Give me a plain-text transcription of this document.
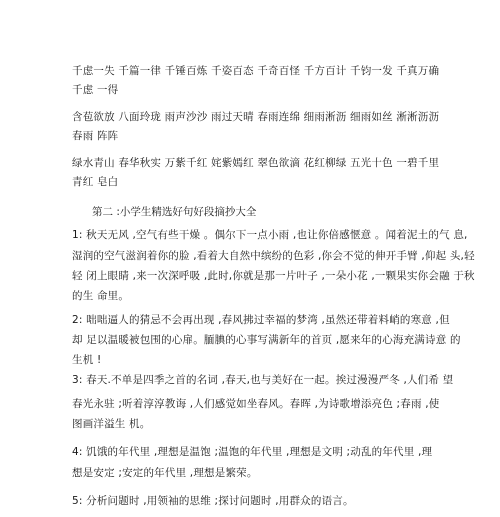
千虑一失 千篇一律 千锤百炼 千姿百态 千奇百怪 千方百计 千钧一发 千真万确
千虑 一得
含苞欲放 八面玲珑 雨声沙沙 雨过天晴 春雨连绵 细雨淅沥 细雨如丝 淅淅沥沥
春雨 阵阵
绿水青山 春华秋实 万紫千红 姹紫嫣红 翠色欲滴 花红柳绿 五光十色 一碧千里
青红 皂白
第二 :小学生精选好句好段摘抄大全
1: 秋天无风 ,空气有些干燥 。偶尔下一点小雨 ,也让你倍感惬意 。闻着泥土的气 息,
湿润的空气滋润着你的脸 ,看着大自然中缤纷的色彩 ,你会不觉的伸开手臂 ,仰起 头,轻
轻 闭上眼睛 ,来一次深呼吸 ,此时,你就是那一片叶子 ,一朵小花 ,一颗果实你会融 于秋
的生 命里。
2: 咄咄逼人的猜忌不会再出现 ,春风拂过幸福的梦湾 ,虽然还带着料峭的寒意 ,但
却 足以温暖被包围的心扉。腼腆的心事写满新年的首页 ,愿来年的心海充满诗意 的
生机 !
3: 春天.不单是四季之首的名词 ,春天,也与美好在一起。挨过漫漫严冬 ,人们希 望
春光永驻 ;听着淳淳教诲 ,人们感觉如坐春风。春晖 ,为诗歌增添亮色 ;春雨 ,使
图画洋溢生 机。
4: 饥饿的年代里 ,理想是温饱 ;温饱的年代里 ,理想是文明 ;动乱的年代里 ,理
想是安定 ;安定的年代里 ,理想是繁荣。
5: 分析问题时 ,用领袖的思维 ;探讨问题时 ,用群众的语言。
